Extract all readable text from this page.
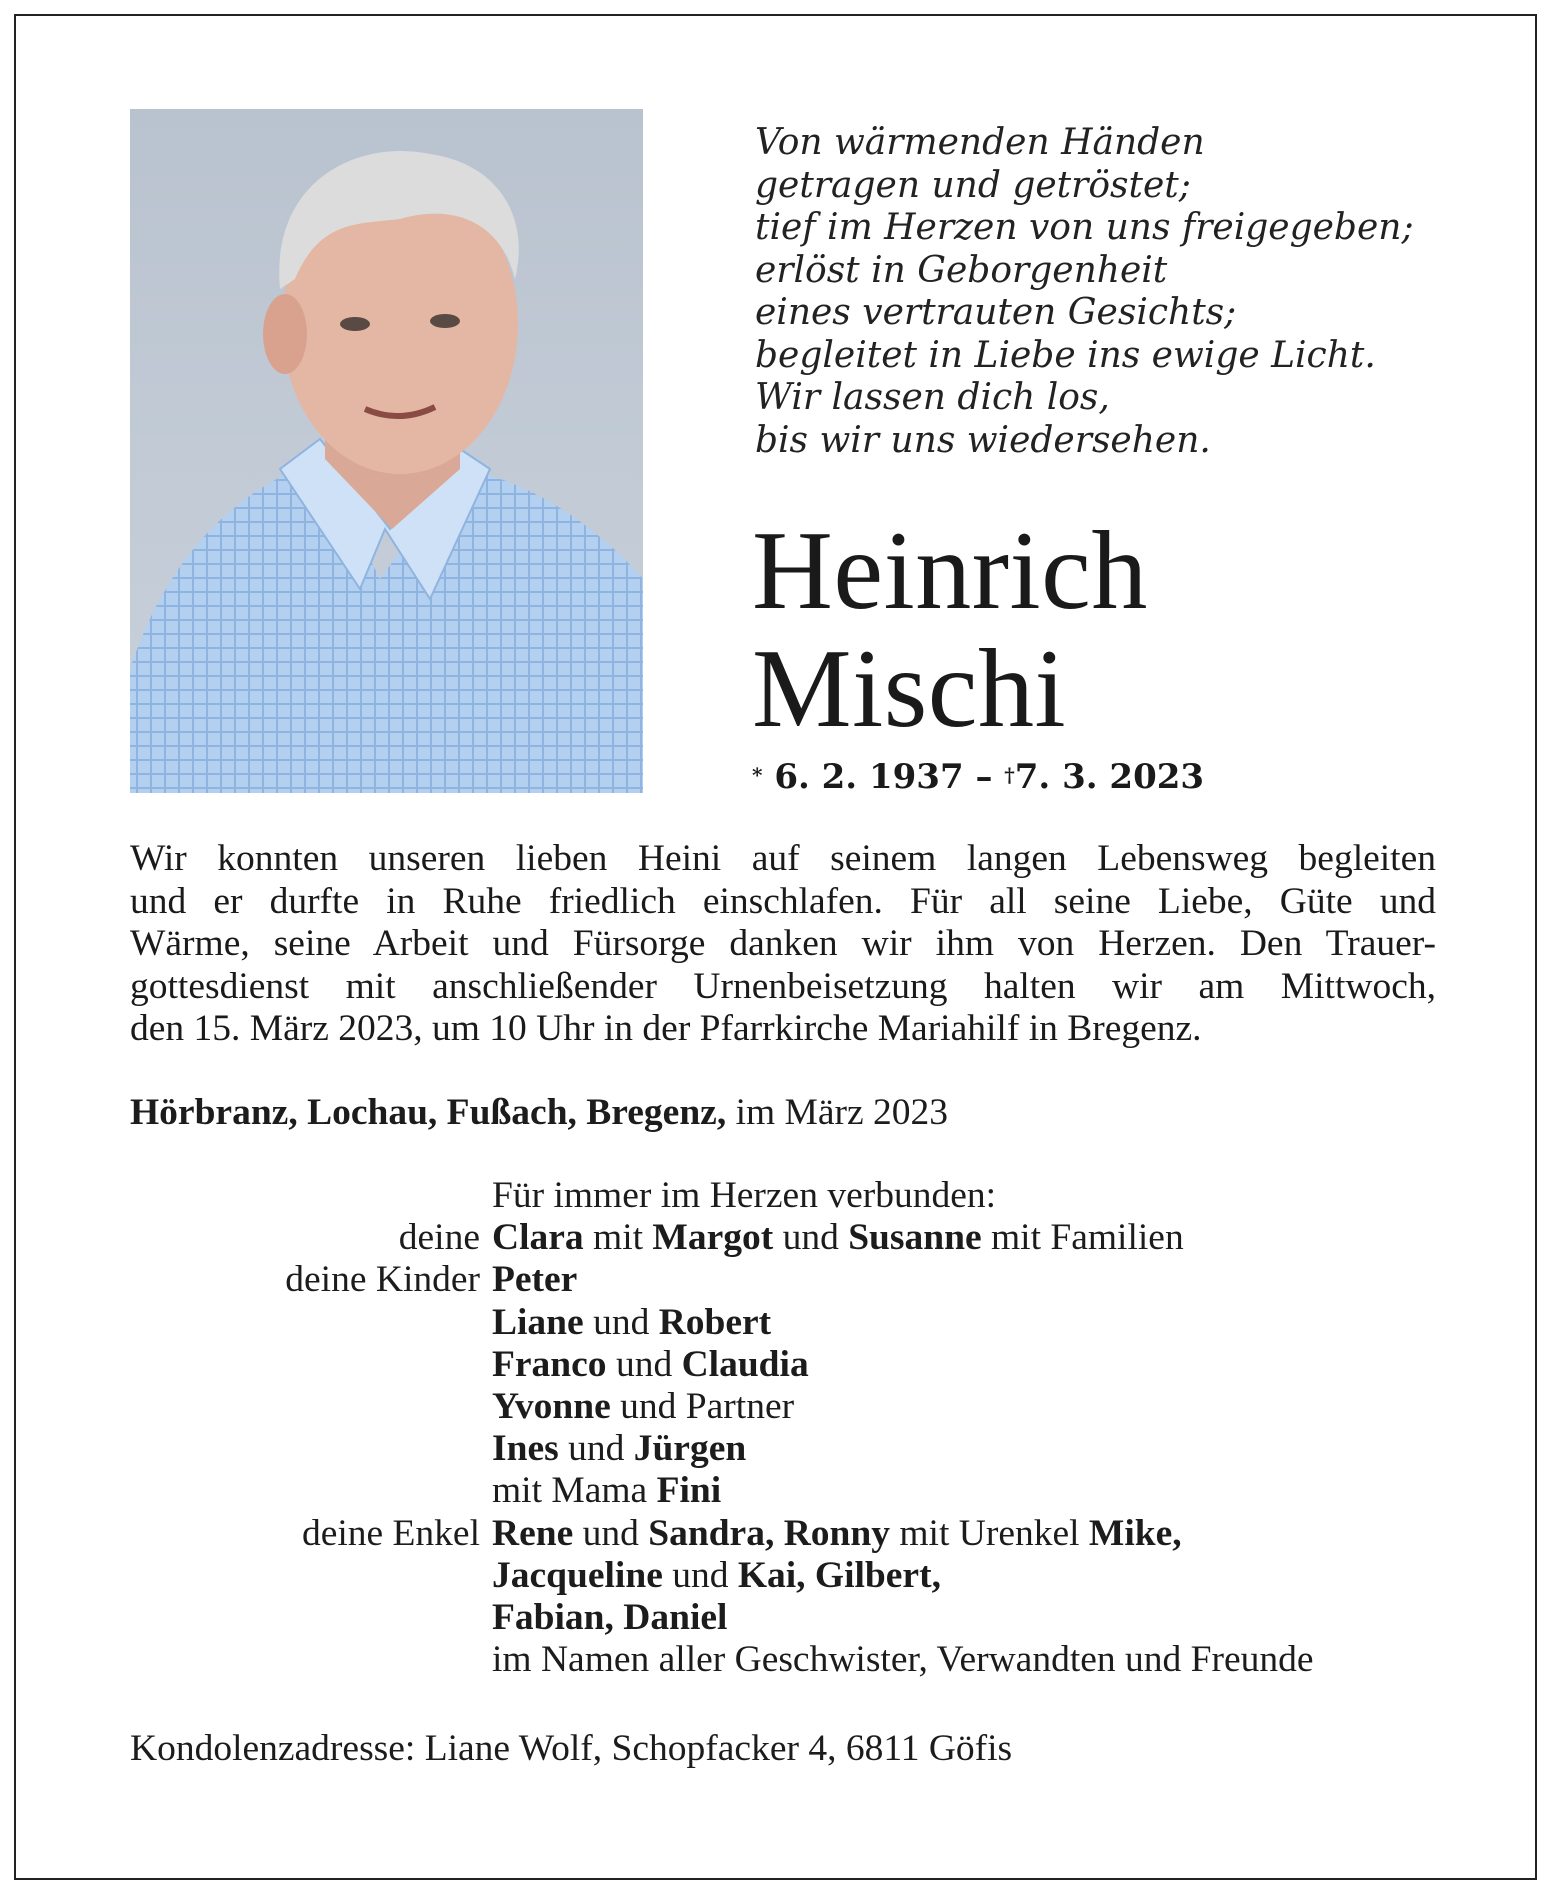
Von wärmenden Händen
getragen und getröstet;
tief im Herzen von uns freigegeben;
erlöst in Geborgenheit
eines vertrauten Gesichts;
begleitet in Liebe ins ewige Licht.
Wir lassen dich los,
bis wir uns wiedersehen.
Heinrich
Mischi
* 6. 2. 1937 – †7. 3. 2023
Wir konnten unseren lieben Heini auf seinem langen Lebensweg begleiten
und er durfte in Ruhe friedlich einschlafen. Für all seine Liebe, Güte und
Wärme, seine Arbeit und Fürsorge danken wir ihm von Herzen. Den Trauer-
gottesdienst mit anschließender Urnenbeisetzung halten wir am Mittwoch,
den 15. März 2023, um 10 Uhr in der Pfarrkirche Mariahilf in Bregenz.
Hörbranz, Lochau, Fußach, Bregenz, im März 2023
Für immer im Herzen verbunden:
deine Clara mit Margot und Susanne mit Familien
deine Kinder Peter
Liane und Robert
Franco und Claudia
Yvonne und Partner
Ines und Jürgen
mit Mama Fini
deine Enkel Rene und Sandra, Ronny mit Urenkel Mike,
Jacqueline und Kai, Gilbert,
Fabian, Daniel
im Namen aller Geschwister, Verwandten und Freunde
Kondolenzadresse: Liane Wolf, Schopfacker 4, 6811 Göfis
